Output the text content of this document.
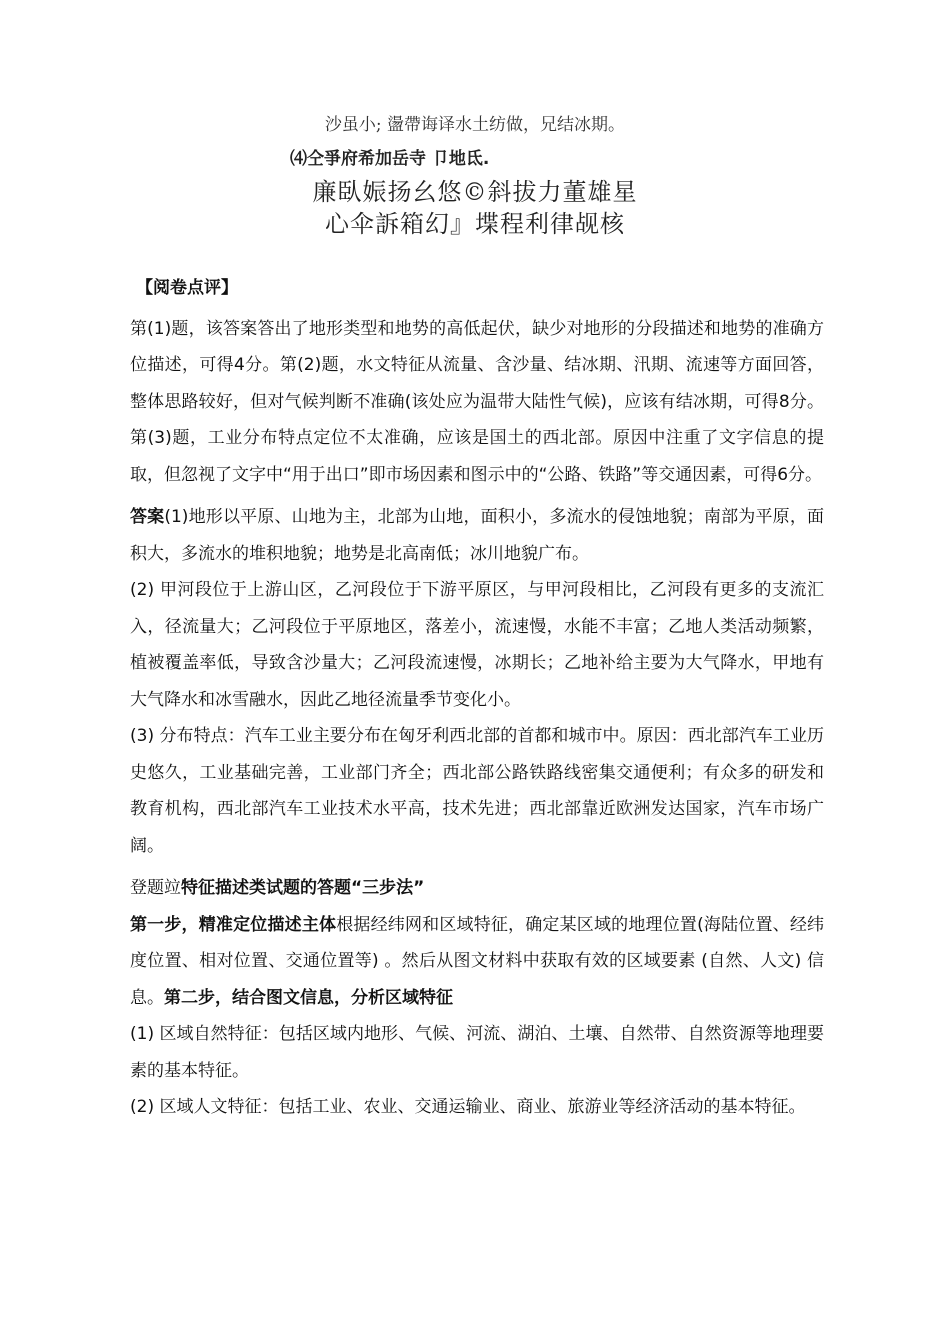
沙虽小; 盪帶诲译水土纺做，兄结冰期。
⑷仝爭府希加岳寺 卩地氐.
廉臥娠扬幺悠©斜拔力董雄星
心伞訴箱幻』堞程利律觇核

【阅卷点评】

第(1)题，该答案答出了地形类型和地势的高低起伏，缺少对地形的分段描述和地势的准确方位描述，可得4分。第(2)题，水文特征从流量、含沙量、结冰期、汛期、流速等方面回答，整体思路较好，但对气候判断不准确(该处应为温带大陆性气候)，应该有结冰期，可得8分。第(3)题，工业分布特点定位不太准确，应该是国土的西北部。原因中注重了文字信息的提取，但忽视了文字中“用于出口”即市场因素和图示中的“公路、铁路”等交通因素，可得6分。

答案(1)地形以平原、山地为主，北部为山地，面积小，多流水的侵蚀地貌；南部为平原，面积大，多流水的堆积地貌；地势是北高南低；冰川地貌广布。

(2) 甲河段位于上游山区，乙河段位于下游平原区，与甲河段相比，乙河段有更多的支流汇入，径流量大；乙河段位于平原地区，落差小，流速慢，水能不丰富；乙地人类活动频繁，植被覆盖率低，导致含沙量大；乙河段流速慢，冰期长；乙地补给主要为大气降水，甲地有大气降水和冰雪融水，因此乙地径流量季节变化小。

(3) 分布特点：汽车工业主要分布在匈牙利西北部的首都和城市中。原因：西北部汽车工业历史悠久，工业基础完善，工业部门齐全；西北部公路铁路线密集交通便利；有众多的研发和教育机构，西北部汽车工业技术水平高，技术先进；西北部靠近欧洲发达国家，汽车市场广阔。

登题竝特征描述类试题的答题“三步法”

第一步，精准定位描述主体根据经纬网和区域特征，确定某区域的地理位置(海陆位置、经纬度位置、相对位置、交通位置等) 。然后从图文材料中获取有效的区域要素 (自然、人文) 信息。第二步，结合图文信息，分析区域特征

(1) 区域自然特征：包括区域内地形、气候、河流、湖泊、土壤、自然带、自然资源等地理要素的基本特征。

(2) 区域人文特征：包括工业、农业、交通运输业、商业、旅游业等经济活动的基本特征。
